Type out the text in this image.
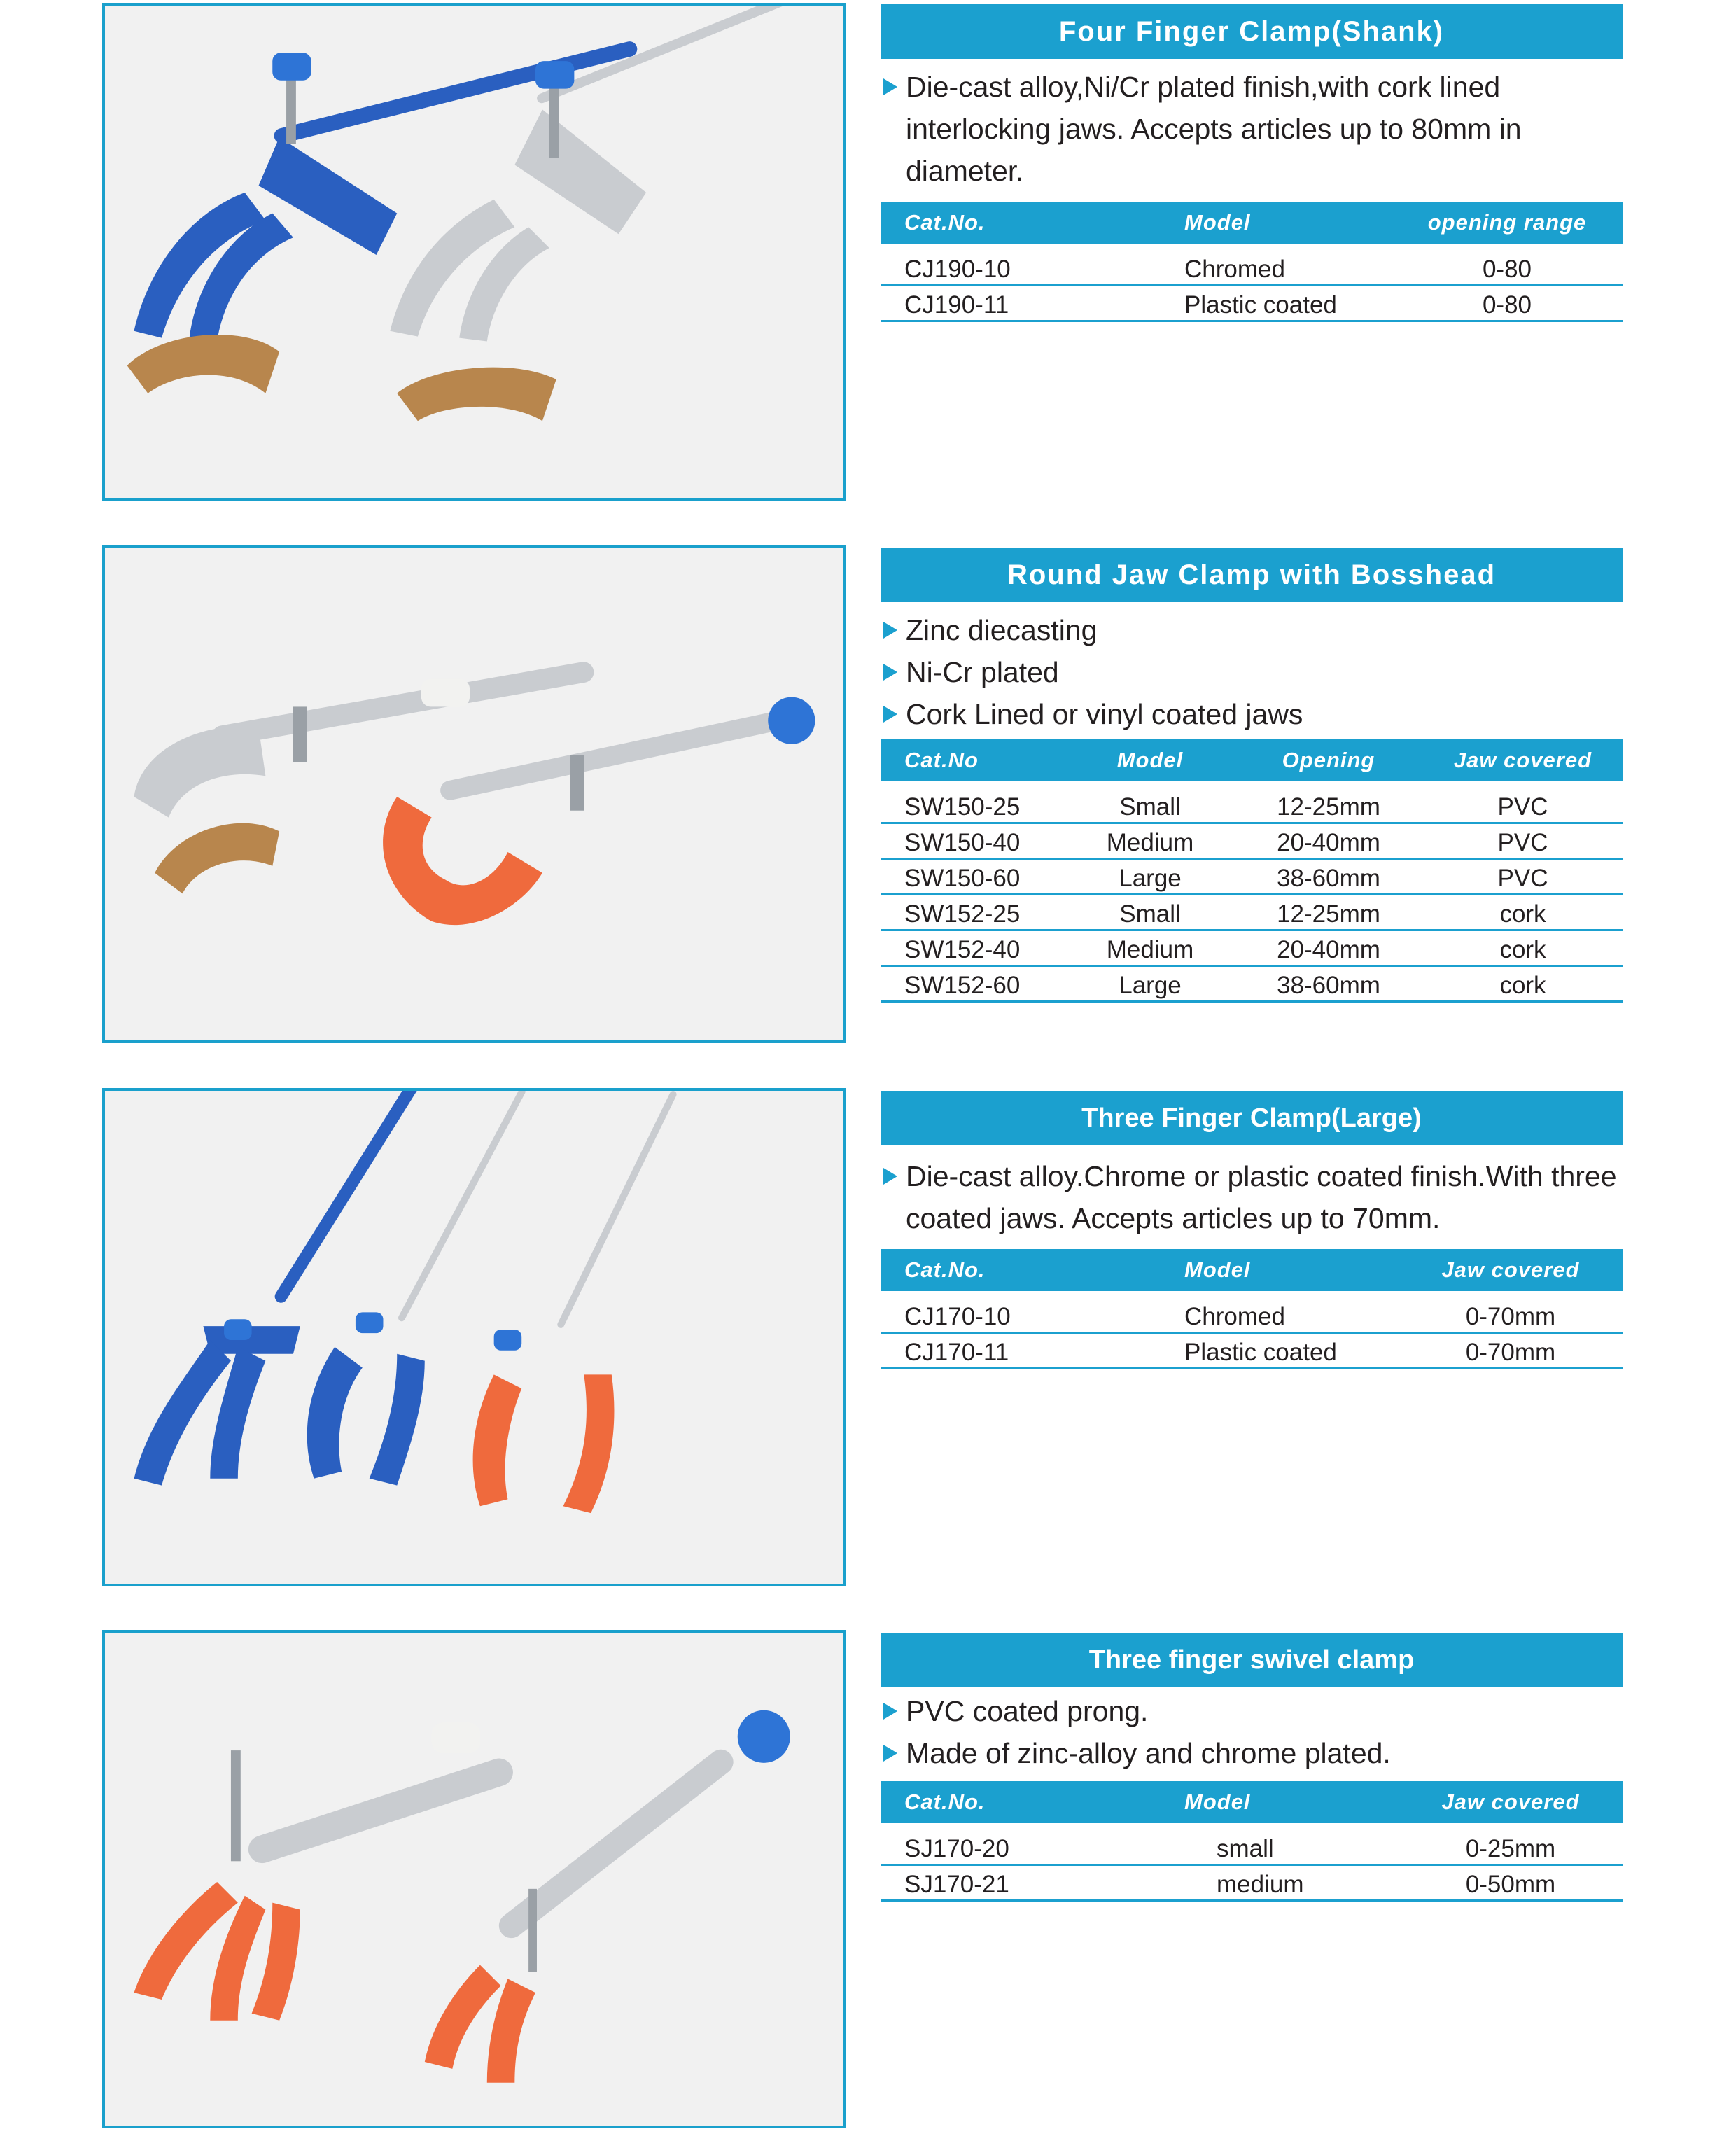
Four Finger Clamp(Shank)
Die-cast alloy,Ni/Cr plated finish,with cork lined interlocking jaws. Accepts articles up to 80mm in diameter.
Cat.No.	Model	opening range
CJ190-10	Chromed	0-80
CJ190-11	Plastic coated	0-80
Round Jaw Clamp with Bosshead
Zinc diecasting
Ni-Cr plated
Cork Lined or vinyl coated jaws
Cat.No	Model	Opening	Jaw covered
SW150-25	Small	12-25mm	PVC
SW150-40	Medium	20-40mm	PVC
SW150-60	Large	38-60mm	PVC
SW152-25	Small	12-25mm	cork
SW152-40	Medium	20-40mm	cork
SW152-60	Large	38-60mm	cork
Three Finger Clamp(Large)
Die-cast alloy.Chrome or plastic coated finish.With three coated jaws. Accepts articles up to 70mm.
Cat.No.	Model	Jaw covered
CJ170-10	Chromed	0-70mm
CJ170-11	Plastic coated	0-70mm
Three finger swivel clamp
PVC coated prong.
Made of zinc-alloy and chrome plated.
Cat.No.	Model	Jaw covered
SJ170-20	small	0-25mm
SJ170-21	medium	0-50mm
